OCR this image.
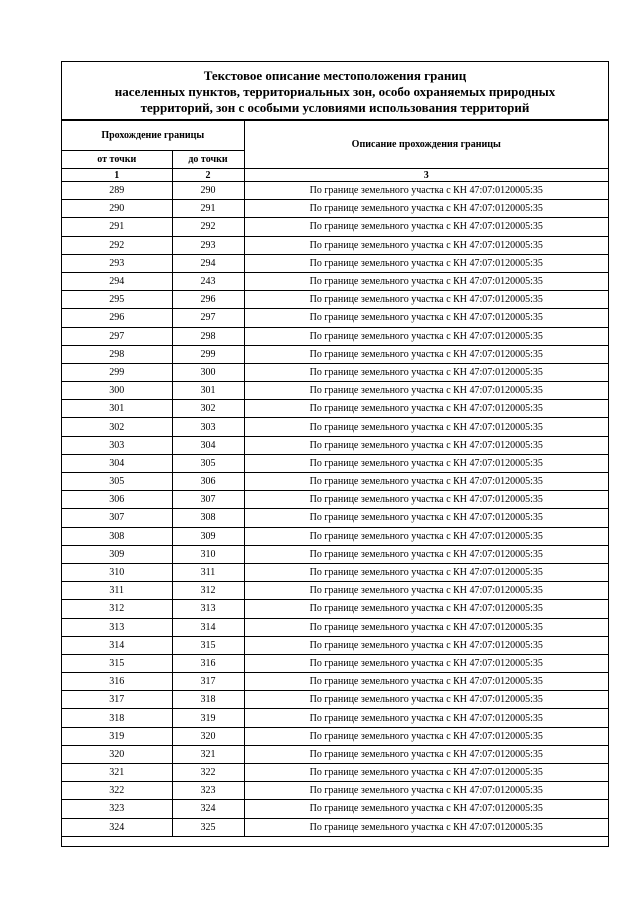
Текстовое описание местоположения границ
населенных пунктов, территориальных зон, особо охраняемых природных
территорий, зон с особыми условиями использования территорий
Прохождение границы		Описание прохождения границы
от точки	до точки	
1	2	3
289	290	По границе земельного участка с КН 47:07:0120005:35
290	291	По границе земельного участка с КН 47:07:0120005:35
291	292	По границе земельного участка с КН 47:07:0120005:35
292	293	По границе земельного участка с КН 47:07:0120005:35
293	294	По границе земельного участка с КН 47:07:0120005:35
294	243	По границе земельного участка с КН 47:07:0120005:35
295	296	По границе земельного участка с КН 47:07:0120005:35
296	297	По границе земельного участка с КН 47:07:0120005:35
297	298	По границе земельного участка с КН 47:07:0120005:35
298	299	По границе земельного участка с КН 47:07:0120005:35
299	300	По границе земельного участка с КН 47:07:0120005:35
300	301	По границе земельного участка с КН 47:07:0120005:35
301	302	По границе земельного участка с КН 47:07:0120005:35
302	303	По границе земельного участка с КН 47:07:0120005:35
303	304	По границе земельного участка с КН 47:07:0120005:35
304	305	По границе земельного участка с КН 47:07:0120005:35
305	306	По границе земельного участка с КН 47:07:0120005:35
306	307	По границе земельного участка с КН 47:07:0120005:35
307	308	По границе земельного участка с КН 47:07:0120005:35
308	309	По границе земельного участка с КН 47:07:0120005:35
309	310	По границе земельного участка с КН 47:07:0120005:35
310	311	По границе земельного участка с КН 47:07:0120005:35
311	312	По границе земельного участка с КН 47:07:0120005:35
312	313	По границе земельного участка с КН 47:07:0120005:35
313	314	По границе земельного участка с КН 47:07:0120005:35
314	315	По границе земельного участка с КН 47:07:0120005:35
315	316	По границе земельного участка с КН 47:07:0120005:35
316	317	По границе земельного участка с КН 47:07:0120005:35
317	318	По границе земельного участка с КН 47:07:0120005:35
318	319	По границе земельного участка с КН 47:07:0120005:35
319	320	По границе земельного участка с КН 47:07:0120005:35
320	321	По границе земельного участка с КН 47:07:0120005:35
321	322	По границе земельного участка с КН 47:07:0120005:35
322	323	По границе земельного участка с КН 47:07:0120005:35
323	324	По границе земельного участка с КН 47:07:0120005:35
324	325	По границе земельного участка с КН 47:07:0120005:35
